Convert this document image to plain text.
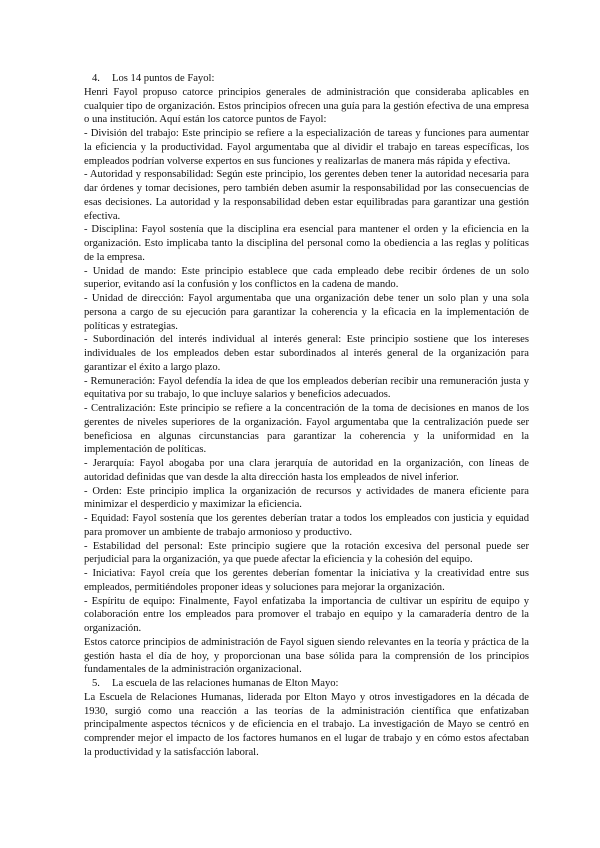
4. Los 14 puntos de Fayol:

Henri Fayol propuso catorce principios generales de administración que consideraba aplicables en cualquier tipo de organización. Estos principios ofrecen una guía para la gestión efectiva de una empresa o una institución. Aquí están los catorce puntos de Fayol:

- División del trabajo: Este principio se refiere a la especialización de tareas y funciones para aumentar la eficiencia y la productividad. Fayol argumentaba que al dividir el trabajo en tareas específicas, los empleados podrían volverse expertos en sus funciones y realizarlas de manera más rápida y efectiva.

- Autoridad y responsabilidad: Según este principio, los gerentes deben tener la autoridad necesaria para dar órdenes y tomar decisiones, pero también deben asumir la responsabilidad por las consecuencias de esas decisiones. La autoridad y la responsabilidad deben estar equilibradas para garantizar una gestión efectiva.

- Disciplina: Fayol sostenía que la disciplina era esencial para mantener el orden y la eficiencia en la organización. Esto implicaba tanto la disciplina del personal como la obediencia a las reglas y políticas de la empresa.

- Unidad de mando: Este principio establece que cada empleado debe recibir órdenes de un solo superior, evitando así la confusión y los conflictos en la cadena de mando.

- Unidad de dirección: Fayol argumentaba que una organización debe tener un solo plan y una sola persona a cargo de su ejecución para garantizar la coherencia y la eficacia en la implementación de políticas y estrategias.

- Subordinación del interés individual al interés general: Este principio sostiene que los intereses individuales de los empleados deben estar subordinados al interés general de la organización para garantizar el éxito a largo plazo.

- Remuneración: Fayol defendía la idea de que los empleados deberían recibir una remuneración justa y equitativa por su trabajo, lo que incluye salarios y beneficios adecuados.

- Centralización: Este principio se refiere a la concentración de la toma de decisiones en manos de los gerentes de niveles superiores de la organización. Fayol argumentaba que la centralización puede ser beneficiosa en algunas circunstancias para garantizar la coherencia y la uniformidad en la implementación de políticas.

- Jerarquía: Fayol abogaba por una clara jerarquía de autoridad en la organización, con líneas de autoridad definidas que van desde la alta dirección hasta los empleados de nivel inferior.

- Orden: Este principio implica la organización de recursos y actividades de manera eficiente para minimizar el desperdicio y maximizar la eficiencia.

- Equidad: Fayol sostenía que los gerentes deberían tratar a todos los empleados con justicia y equidad para promover un ambiente de trabajo armonioso y productivo.

- Estabilidad del personal: Este principio sugiere que la rotación excesiva del personal puede ser perjudicial para la organización, ya que puede afectar la eficiencia y la cohesión del equipo.

- Iniciativa: Fayol creía que los gerentes deberían fomentar la iniciativa y la creatividad entre sus empleados, permitiéndoles proponer ideas y soluciones para mejorar la organización.

- Espíritu de equipo: Finalmente, Fayol enfatizaba la importancia de cultivar un espíritu de equipo y colaboración entre los empleados para promover el trabajo en equipo y la camaradería dentro de la organización.

Estos catorce principios de administración de Fayol siguen siendo relevantes en la teoría y práctica de la gestión hasta el día de hoy, y proporcionan una base sólida para la comprensión de los principios fundamentales de la administración organizacional.

5. La escuela de las relaciones humanas de Elton Mayo:

La Escuela de Relaciones Humanas, liderada por Elton Mayo y otros investigadores en la década de 1930, surgió como una reacción a las teorías de la administración científica que enfatizaban principalmente aspectos técnicos y de eficiencia en el trabajo. La investigación de Mayo se centró en comprender mejor el impacto de los factores humanos en el lugar de trabajo y en cómo estos afectaban la productividad y la satisfacción laboral.
